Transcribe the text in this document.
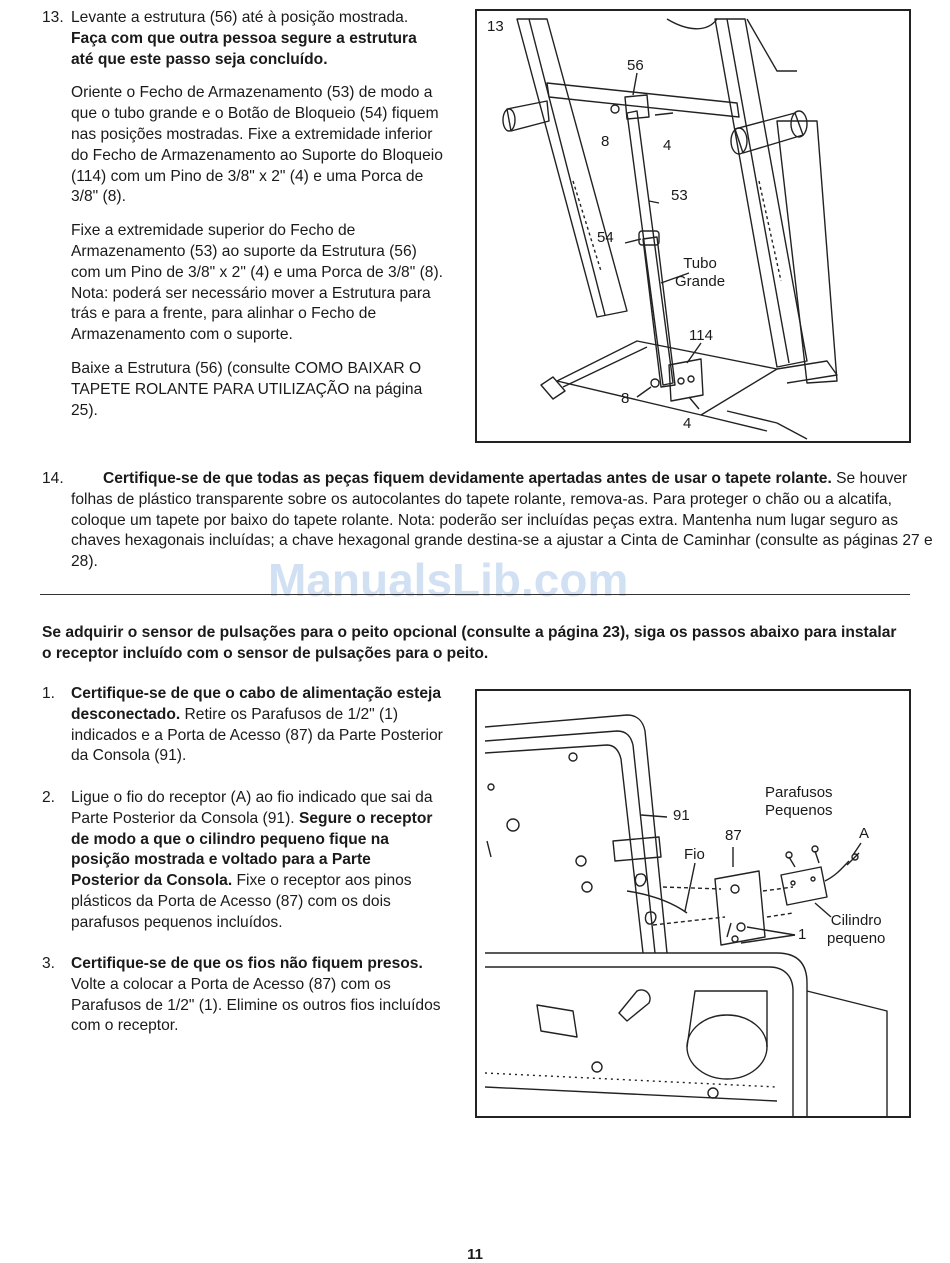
13. Levante a estrutura (56) até à posição mostrada. Faça com que outra pessoa segure a estrutura até que este passo seja concluído.

Oriente o Fecho de Armazenamento (53) de modo a que o tubo grande e o Botão de Bloqueio (54) fiquem nas posições mostradas. Fixe a extremidade inferior do Fecho de Armazenamento ao Suporte do Bloqueio (114) com um Pino de 3/8" x 2" (4) e uma Porca de 3/8" (8).

Fixe a extremidade superior do Fecho de Armazenamento (53) ao suporte da Estrutura (56) com um Pino de 3/8" x 2" (4) e uma Porca de 3/8" (8). Nota: poderá ser necessário mover a Estrutura para trás e para a frente, para alinhar o Fecho de Armazenamento com o suporte.

Baixe a Estrutura (56) (consulte COMO BAIXAR O TAPETE ROLANTE PARA UTILIZAÇÃO na página 25).

13
56
8	4
53
54
Tubo
Grande
114
8
4
14.	Certifique-se de que todas as peças fiquem devidamente apertadas antes de usar o tapete rolante. Se houver folhas de plástico transparente sobre os autocolantes do tapete rolante, remova-as. Para proteger o chão ou a alcatifa, coloque um tapete por baixo do tapete rolante. Nota: poderão ser incluídas peças extra. Mantenha num lugar seguro as chaves hexagonais incluídas; a chave hexagonal grande destina-se a ajustar a Cinta de Caminhar (consulte as páginas 27 e 28).	ManualsLib.com
Se adquirir o sensor de pulsações para o peito opcional (consulte a página 23), siga os passos abaixo para instalar o receptor incluído com o sensor de pulsações para o peito.
1. Certifique-se de que o cabo de alimentação esteja desconectado. Retire os Parafusos de 1/2" (1) indicados e a Porta de Acesso (87) da Parte Posterior da Consola (91).
2. Ligue o fio do receptor (A) ao fio indicado que sai da Parte Posterior da Consola (91). Segure o receptor de modo a que o cilindro pequeno fique na posição mostrada e voltado para a Parte Posterior da Consola. Fixe o receptor aos pinos plásticos da Porta de Acesso (87) com os dois parafusos pequenos incluídos.
3. Certifique-se de que os fios não fiquem presos. Volte a colocar a Porta de Acesso (87) com os Parafusos de 1/2" (1). Elimine os outros fios incluídos com o receptor.
Parafusos
Pequenos
91
87	A
Fio
Cilindro
pequeno
1
11
